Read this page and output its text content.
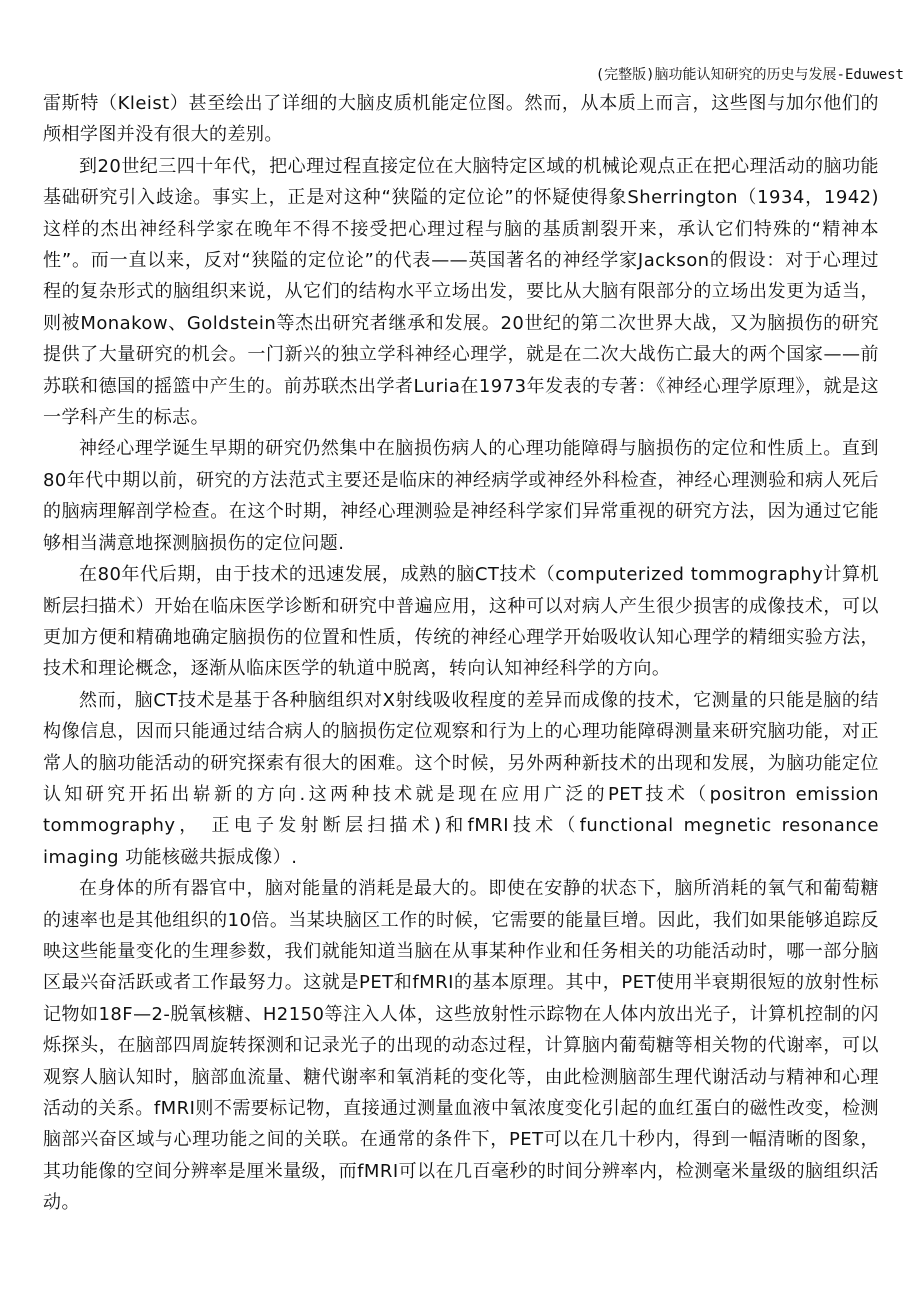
(完整版)脑功能认知研究的历史与发展-Eduwest

雷斯特（Kleist）甚至绘出了详细的大脑皮质机能定位图。然而，从本质上而言，这些图与加尔他们的颅相学图并没有很大的差别。

到20世纪三四十年代，把心理过程直接定位在大脑特定区域的机械论观点正在把心理活动的脑功能基础研究引入歧途。事实上，正是对这种“狭隘的定位论”的怀疑使得象Sherrington（1934，1942)这样的杰出神经科学家在晚年不得不接受把心理过程与脑的基质割裂开来，承认它们特殊的“精神本性”。而一直以来，反对“狭隘的定位论”的代表——英国著名的神经学家Jackson的假设：对于心理过程的复杂形式的脑组织来说，从它们的结构水平立场出发，要比从大脑有限部分的立场出发更为适当，则被Monakow、Goldstein等杰出研究者继承和发展。20世纪的第二次世界大战，又为脑损伤的研究提供了大量研究的机会。一门新兴的独立学科神经心理学，就是在二次大战伤亡最大的两个国家——前苏联和德国的摇篮中产生的。前苏联杰出学者Luria在1973年发表的专著：《神经心理学原理》，就是这一学科产生的标志。

神经心理学诞生早期的研究仍然集中在脑损伤病人的心理功能障碍与脑损伤的定位和性质上。直到80年代中期以前，研究的方法范式主要还是临床的神经病学或神经外科检查，神经心理测验和病人死后的脑病理解剖学检查。在这个时期，神经心理测验是神经科学家们异常重视的研究方法，因为通过它能够相当满意地探测脑损伤的定位问题.

在80年代后期，由于技术的迅速发展，成熟的脑CT技术（computerized tommography计算机断层扫描术）开始在临床医学诊断和研究中普遍应用，这种可以对病人产生很少损害的成像技术，可以更加方便和精确地确定脑损伤的位置和性质，传统的神经心理学开始吸收认知心理学的精细实验方法，技术和理论概念，逐渐从临床医学的轨道中脱离，转向认知神经科学的方向。

然而，脑CT技术是基于各种脑组织对X射线吸收程度的差异而成像的技术，它测量的只能是脑的结构像信息，因而只能通过结合病人的脑损伤定位观察和行为上的心理功能障碍测量来研究脑功能，对正常人的脑功能活动的研究探索有很大的困难。这个时候，另外两种新技术的出现和发展，为脑功能定位认知研究开拓出崭新的方向.这两种技术就是现在应用广泛的PET技术（positron emission tommography， 正电子发射断层扫描术)和fMRI技术（functional megnetic resonance imaging 功能核磁共振成像）.

在身体的所有器官中，脑对能量的消耗是最大的。即使在安静的状态下，脑所消耗的氧气和葡萄糖的速率也是其他组织的10倍。当某块脑区工作的时候，它需要的能量巨增。因此，我们如果能够追踪反映这些能量变化的生理参数，我们就能知道当脑在从事某种作业和任务相关的功能活动时，哪一部分脑区最兴奋活跃或者工作最努力。这就是PET和fMRI的基本原理。其中，PET使用半衰期很短的放射性标记物如18F—2-脱氧核糖、H2150等注入人体，这些放射性示踪物在人体内放出光子，计算机控制的闪烁探头，在脑部四周旋转探测和记录光子的出现的动态过程，计算脑内葡萄糖等相关物的代谢率，可以观察人脑认知时，脑部血流量、糖代谢率和氧消耗的变化等，由此检测脑部生理代谢活动与精神和心理活动的关系。fMRI则不需要标记物，直接通过测量血液中氧浓度变化引起的血红蛋白的磁性改变，检测脑部兴奋区域与心理功能之间的关联。在通常的条件下，PET可以在几十秒内，得到一幅清晰的图象，其功能像的空间分辨率是厘米量级，而fMRI可以在几百毫秒的时间分辨率内，检测毫米量级的脑组织活动。
